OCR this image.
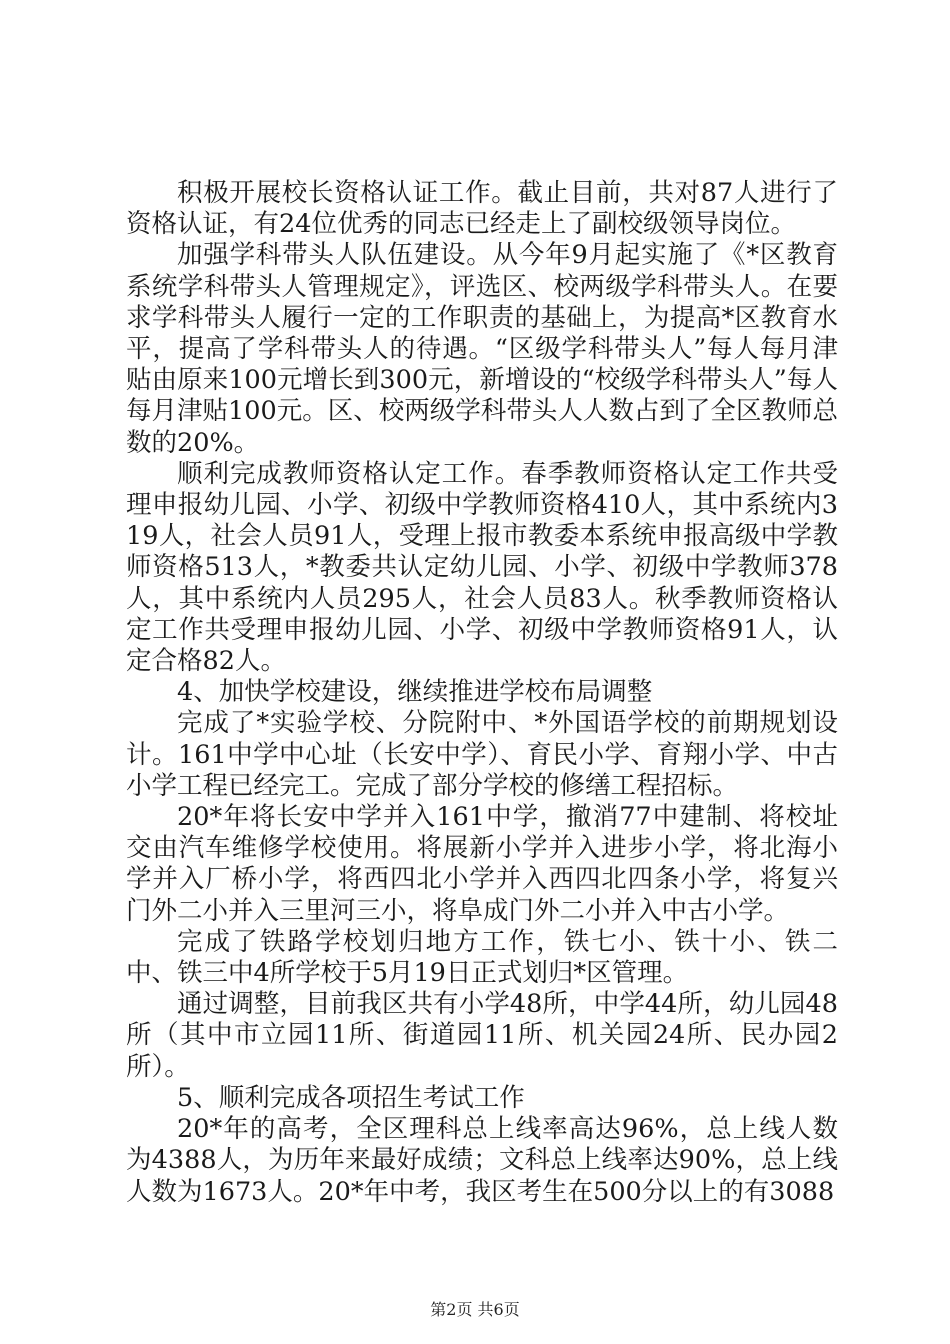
积极开展校长资格认证工作。截止目前，共对87人进行了资格认证，有24位优秀的同志已经走上了副校级领导岗位。

加强学科带头人队伍建设。从今年9月起实施了《*区教育系统学科带头人管理规定》，评选区、校两级学科带头人。在要求学科带头人履行一定的工作职责的基础上，为提高*区教育水平，提高了学科带头人的待遇。“区级学科带头人”每人每月津贴由原来100元增长到300元，新增设的“校级学科带头人”每人每月津贴100元。区、校两级学科带头人人数占到了全区教师总数的20%。

顺利完成教师资格认定工作。春季教师资格认定工作共受理申报幼儿园、小学、初级中学教师资格410人，其中系统内319人，社会人员91人，受理上报市教委本系统申报高级中学教师资格513人，*教委共认定幼儿园、小学、初级中学教师378人，其中系统内人员295人，社会人员83人。秋季教师资格认定工作共受理申报幼儿园、小学、初级中学教师资格91人，认定合格82人。

4、加快学校建设，继续推进学校布局调整

完成了*实验学校、分院附中、*外国语学校的前期规划设计。161中学中心址（长安中学）、育民小学、育翔小学、中古小学工程已经完工。完成了部分学校的修缮工程招标。

20*年将长安中学并入161中学，撤消77中建制、将校址交由汽车维修学校使用。将展新小学并入进步小学，将北海小学并入厂桥小学，将西四北小学并入西四北四条小学，将复兴门外二小并入三里河三小，将阜成门外二小并入中古小学。

完成了铁路学校划归地方工作，铁七小、铁十小、铁二中、铁三中4所学校于5月19日正式划归*区管理。

通过调整，目前我区共有小学48所，中学44所，幼儿园48所（其中市立园11所、街道园11所、机关园24所、民办园2所）。

5、顺利完成各项招生考试工作

20*年的高考，全区理科总上线率高达96%，总上线人数为4388人，为历年来最好成绩；文科总上线率达90%，总上线人数为1673人。20*年中考，我区考生在500分以上的有3088

第2页 共6页
